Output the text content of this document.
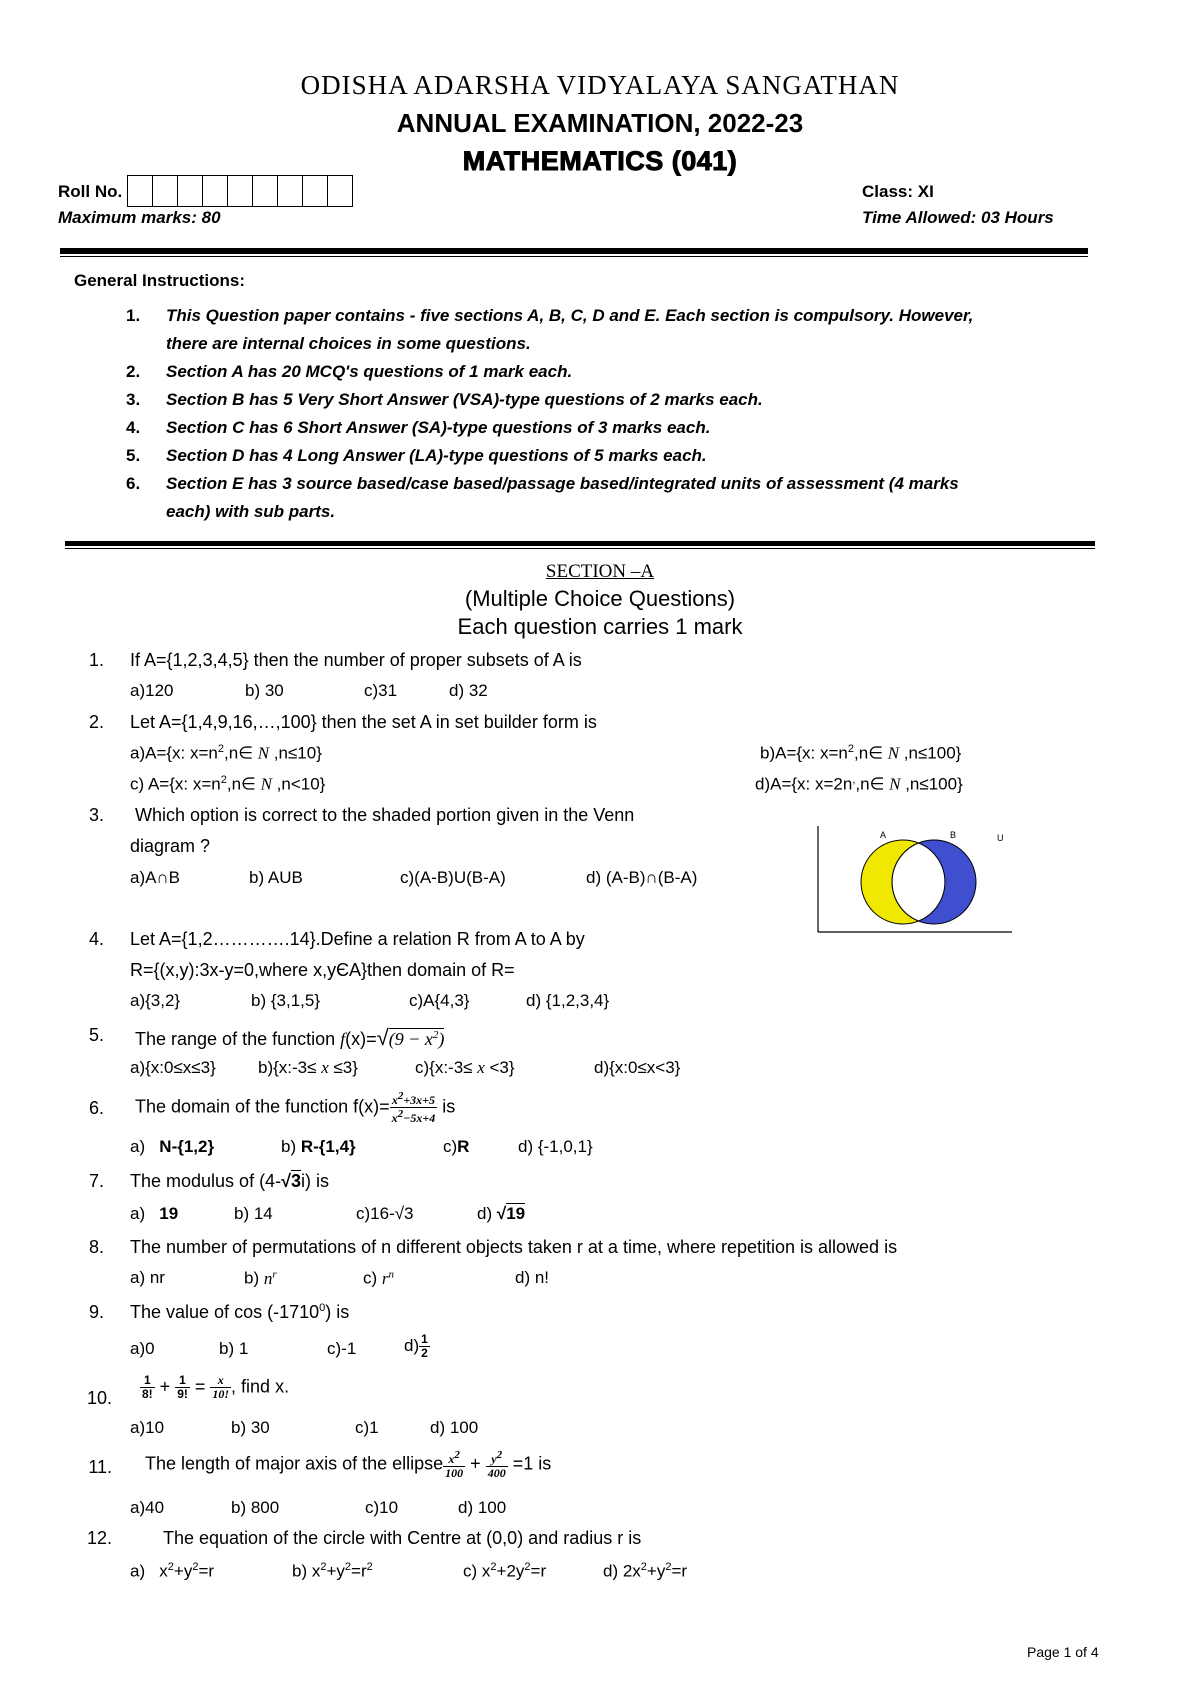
ODISHA ADARSHA VIDYALAYA SANGATHAN
ANNUAL EXAMINATION, 2022-23
MATHEMATICS (041)
Roll No.	Class: XI
Maximum marks: 80	Time Allowed: 03 Hours
General Instructions:
1. This Question paper contains - five sections A, B, C, D and E. Each section is compulsory. However,
there are internal choices in some questions.
2. Section A has 20 MCQ's questions of 1 mark each.
3. Section B has 5 Very Short Answer (VSA)-type questions of 2 marks each.
4. Section C has 6 Short Answer (SA)-type questions of 3 marks each.
5. Section D has 4 Long Answer (LA)-type questions of 5 marks each.
6. Section E has 3 source based/case based/passage based/integrated units of assessment (4 marks
each) with sub parts.
SECTION –A
(Multiple Choice Questions)
Each question carries 1 mark
1. If A={1,2,3,4,5} then the number of proper subsets of A is
a)120	b) 30	c)31	d) 32
2. Let A={1,4,9,16,…,100} then the set A in set builder form is
a)A={x: $x=n^2,n\in$ N ,n≤10}	b)A={x: $x=n^2,n\in$ N ,n≤100}
c) A={x: $x=n^2,n\in$ N ,n<10}	d)A={x: x=2n,,n∈ N ,n≤100}
3. Which option is correct to the shaded portion given in the Venn
diagram ?
a)A∩B	b) AUB	c)(A-B)U(B-A)	d) (A-B)∩(B-A)
A	B	U
4. Let A={1,2………….14}.Define a relation R from A to A by
R={(x,y):3x-y=0,where x,yЄA}then domain of R=
a){3,2}	b) {3,1,5}	c)A{4,3}	d) {1,2,3,4}
5. The range of the function $f(x)=√(9 - x^2)$
a){x:0≤x≤3} b){x:-3≤ x ≤3}	c){x:-3≤ x <3}	d){x:0≤x<3}
6. The domain of the function $f(x)= \frac{x^2+3x+5}{x^2-5x+4}$ is
a) N-{1,2}	b) R-{1,4}	c)R	d) {-1,0,1}
7. The modulus of (4-√3i) is
a) 19	b) 14	c)16-√3	d) √19
8. The number of permutations of n different objects taken r at a time, where repetition is allowed is
a) nr	b) $n^r$	c) $r^n$	d) n!
9. The value of cos (-1710$^0$) is
a)0	b) 1	c)-1	$d) \frac{1}{2}$
10. $\frac{1}{8!} + \frac{1}{9!} = \frac{x}{10!}$ , find x.
a)10	b) 30	c)1	d) 100
11. The length of major axis of the ellipse $\frac{x^2}{100} + \frac{y^2}{400} =1$ is
a)40	b) 800	c)10	d) 100
12.	The equation of the circle with Centre at (0,0) and radius r is
a)   $x^2+y^2=r$	b) $x^2+y^2=r^2$	c) $x^2+2y^2=r$	d) $2x^2+y^2=r$
Page 1 of 4
